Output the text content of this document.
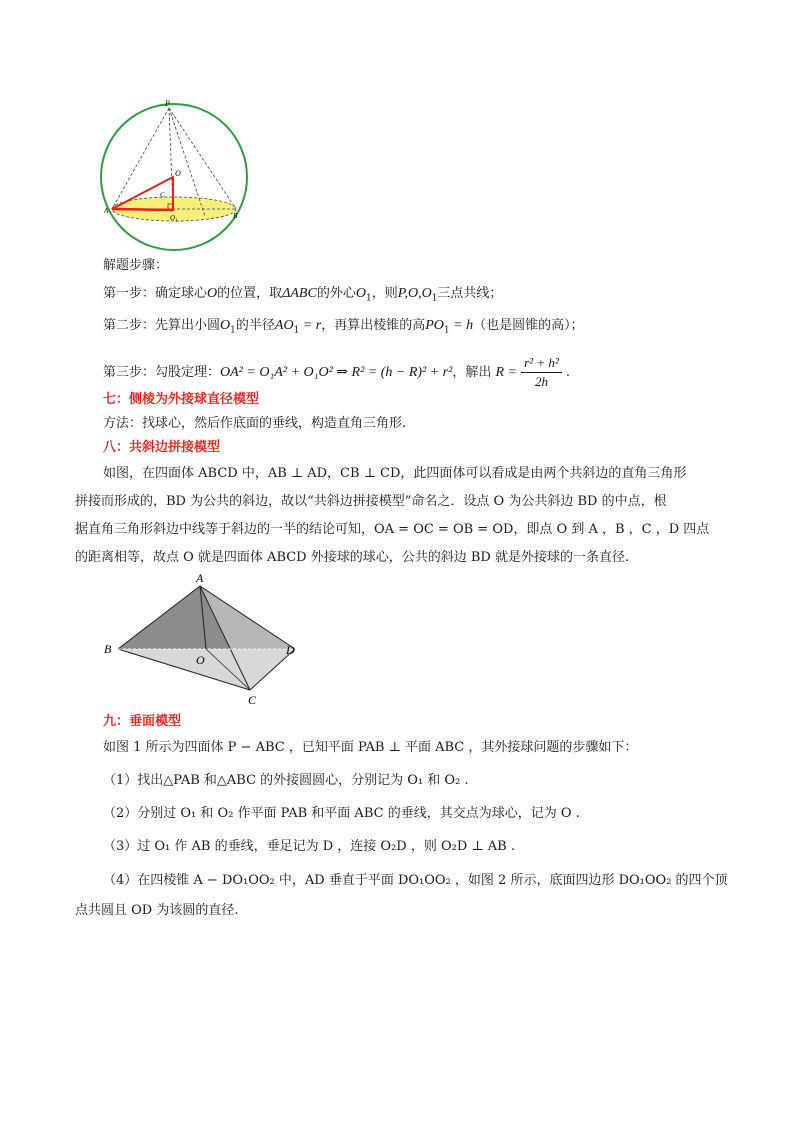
P
O
C
O 1
A
B
解题步骤：
第一步：确定球心O的位置，取ΔABC的外心$O_1$，则$P,O,O_1$三点共线；
第二步：先算出小圆$O_1$的半径$AO_1 = r$，再算出棱锥的高$PO_1 = h$（也是圆锥的高）；
第三步：勾股定理：OA² = O₁A² + O₁O² ⇒ R² = (h − R)² + r²，解出 $R = \frac{\text{r² + h²}}{2h}$ .
七：侧棱为外接球直径模型
方法：找球心，然后作底面的垂线，构造直角三角形.
八：共斜边拼接模型
如图，在四面体 ABCD 中，AB ⊥ AD，CB ⊥ CD，此四面体可以看成是由两个共斜边的直角三角形
拼接而形成的，BD 为公共的斜边，故以“共斜边拼接模型”命名之．设点 O 为公共斜边 BD 的中点，根
据直角三角形斜边中线等于斜边的一半的结论可知，OA = OC = OB = OD，即点 O 到 A ，B ，C ，D 四点
的距离相等，故点 O 就是四面体 ABCD 外接球的球心，公共的斜边 BD 就是外接球的一条直径.
A
B
C
D
O
九：垂面模型
如图 1 所示为四面体 P − ABC ，已知平面 PAB ⊥ 平面 ABC ，其外接球问题的步骤如下：
（1）找出△PAB 和△ABC 的外接圆圆心，分别记为 O₁ 和 O₂ .
（2）分别过 O₁ 和 O₂ 作平面 PAB 和平面 ABC 的垂线，其交点为球心，记为 O .
（3）过 O₁ 作 AB 的垂线，垂足记为 D ，连接 O₂D ，则 O₂D ⊥ AB .
（4）在四棱锥 A − DO₁OO₂ 中，AD 垂直于平面 DO₁OO₂ ，如图 2 所示，底面四边形 DO₁OO₂ 的四个顶
点共圆且 OD 为该圆的直径.
